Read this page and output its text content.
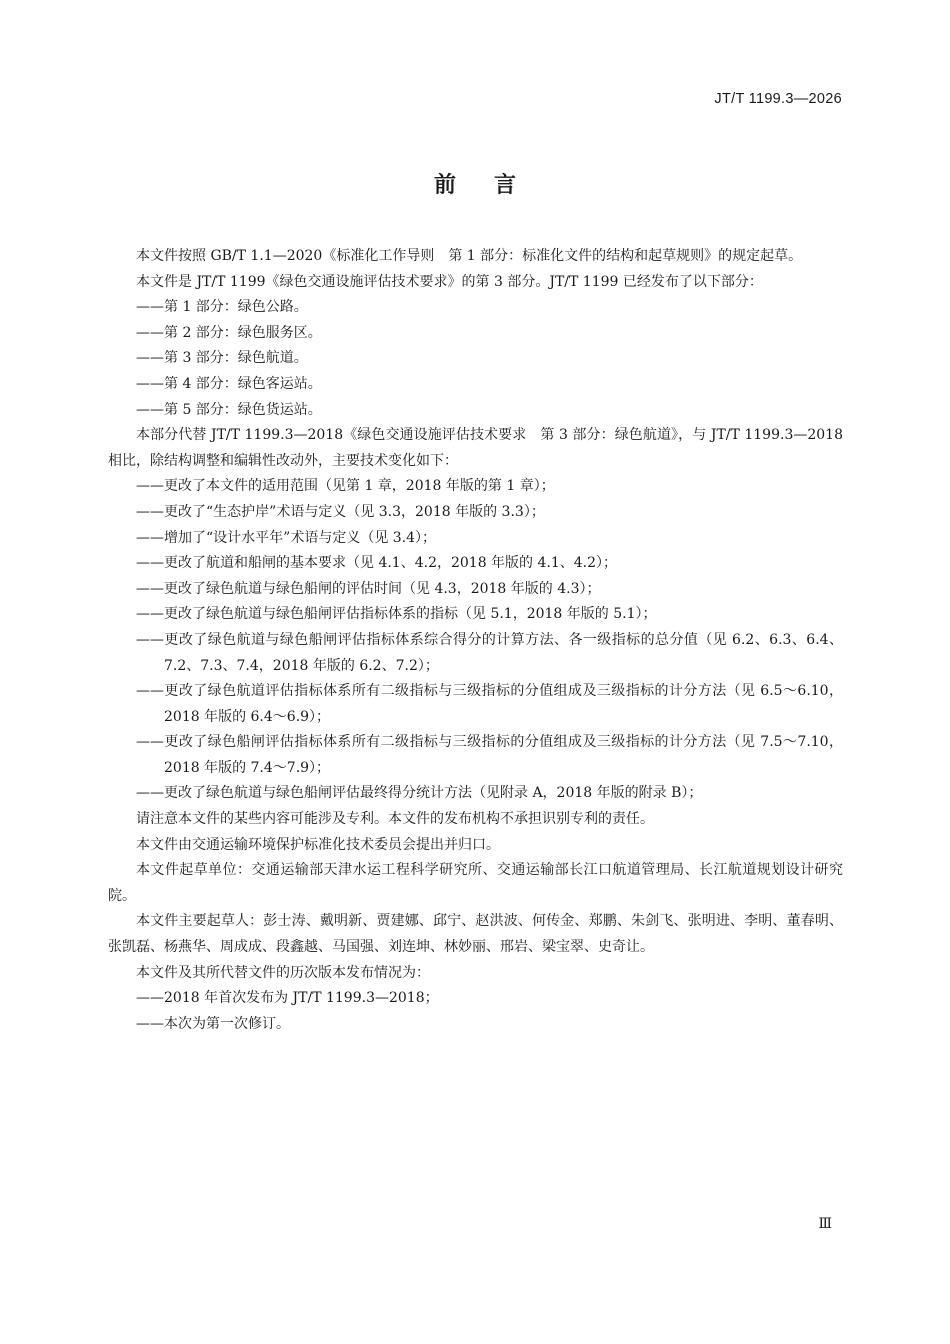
JT/T 1199.3—2026
前言

本文件按照 GB/T 1.1—2020《标准化工作导则　第 1 部分：标准化文件的结构和起草规则》的规定起草。

本文件是 JT/T 1199《绿色交通设施评估技术要求》的第 3 部分。JT/T 1199 已经发布了以下部分：

——第 1 部分：绿色公路。

——第 2 部分：绿色服务区。

——第 3 部分：绿色航道。

——第 4 部分：绿色客运站。

——第 5 部分：绿色货运站。

本部分代替 JT/T 1199.3—2018《绿色交通设施评估技术要求　第 3 部分：绿色航道》，与 JT/T 1199.3—2018 相比，除结构调整和编辑性改动外，主要技术变化如下：

——更改了本文件的适用范围（见第 1 章，2018 年版的第 1 章）；

——更改了“生态护岸”术语与定义（见 3.3，2018 年版的 3.3）；

——增加了“设计水平年”术语与定义（见 3.4）；

——更改了航道和船闸的基本要求（见 4.1、4.2，2018 年版的 4.1、4.2）；

——更改了绿色航道与绿色船闸的评估时间（见 4.3，2018 年版的 4.3）；

——更改了绿色航道与绿色船闸评估指标体系的指标（见 5.1，2018 年版的 5.1）；

——更改了绿色航道与绿色船闸评估指标体系综合得分的计算方法、各一级指标的总分值（见 6.2、6.3、6.4、7.2、7.3、7.4，2018 年版的 6.2、7.2）；

——更改了绿色航道评估指标体系所有二级指标与三级指标的分值组成及三级指标的计分方法（见 6.5～6.10，2018 年版的 6.4～6.9）；

——更改了绿色船闸评估指标体系所有二级指标与三级指标的分值组成及三级指标的计分方法（见 7.5～7.10，2018 年版的 7.4～7.9）；

——更改了绿色航道与绿色船闸评估最终得分统计方法（见附录 A，2018 年版的附录 B）；

请注意本文件的某些内容可能涉及专利。本文件的发布机构不承担识别专利的责任。

本文件由交通运输环境保护标准化技术委员会提出并归口。

本文件起草单位：交通运输部天津水运工程科学研究所、交通运输部长江口航道管理局、长江航道规划设计研究院。

本文件主要起草人：彭士涛、戴明新、贾建娜、邱宁、赵洪波、何传金、郑鹏、朱剑飞、张明进、李明、董春明、张凯磊、杨燕华、周成成、段鑫越、马国强、刘连坤、林妙丽、邢岩、梁宝翠、史奇让。

本文件及其所代替文件的历次版本发布情况为：

——2018 年首次发布为 JT/T 1199.3—2018；

——本次为第一次修订。

Ⅲ
